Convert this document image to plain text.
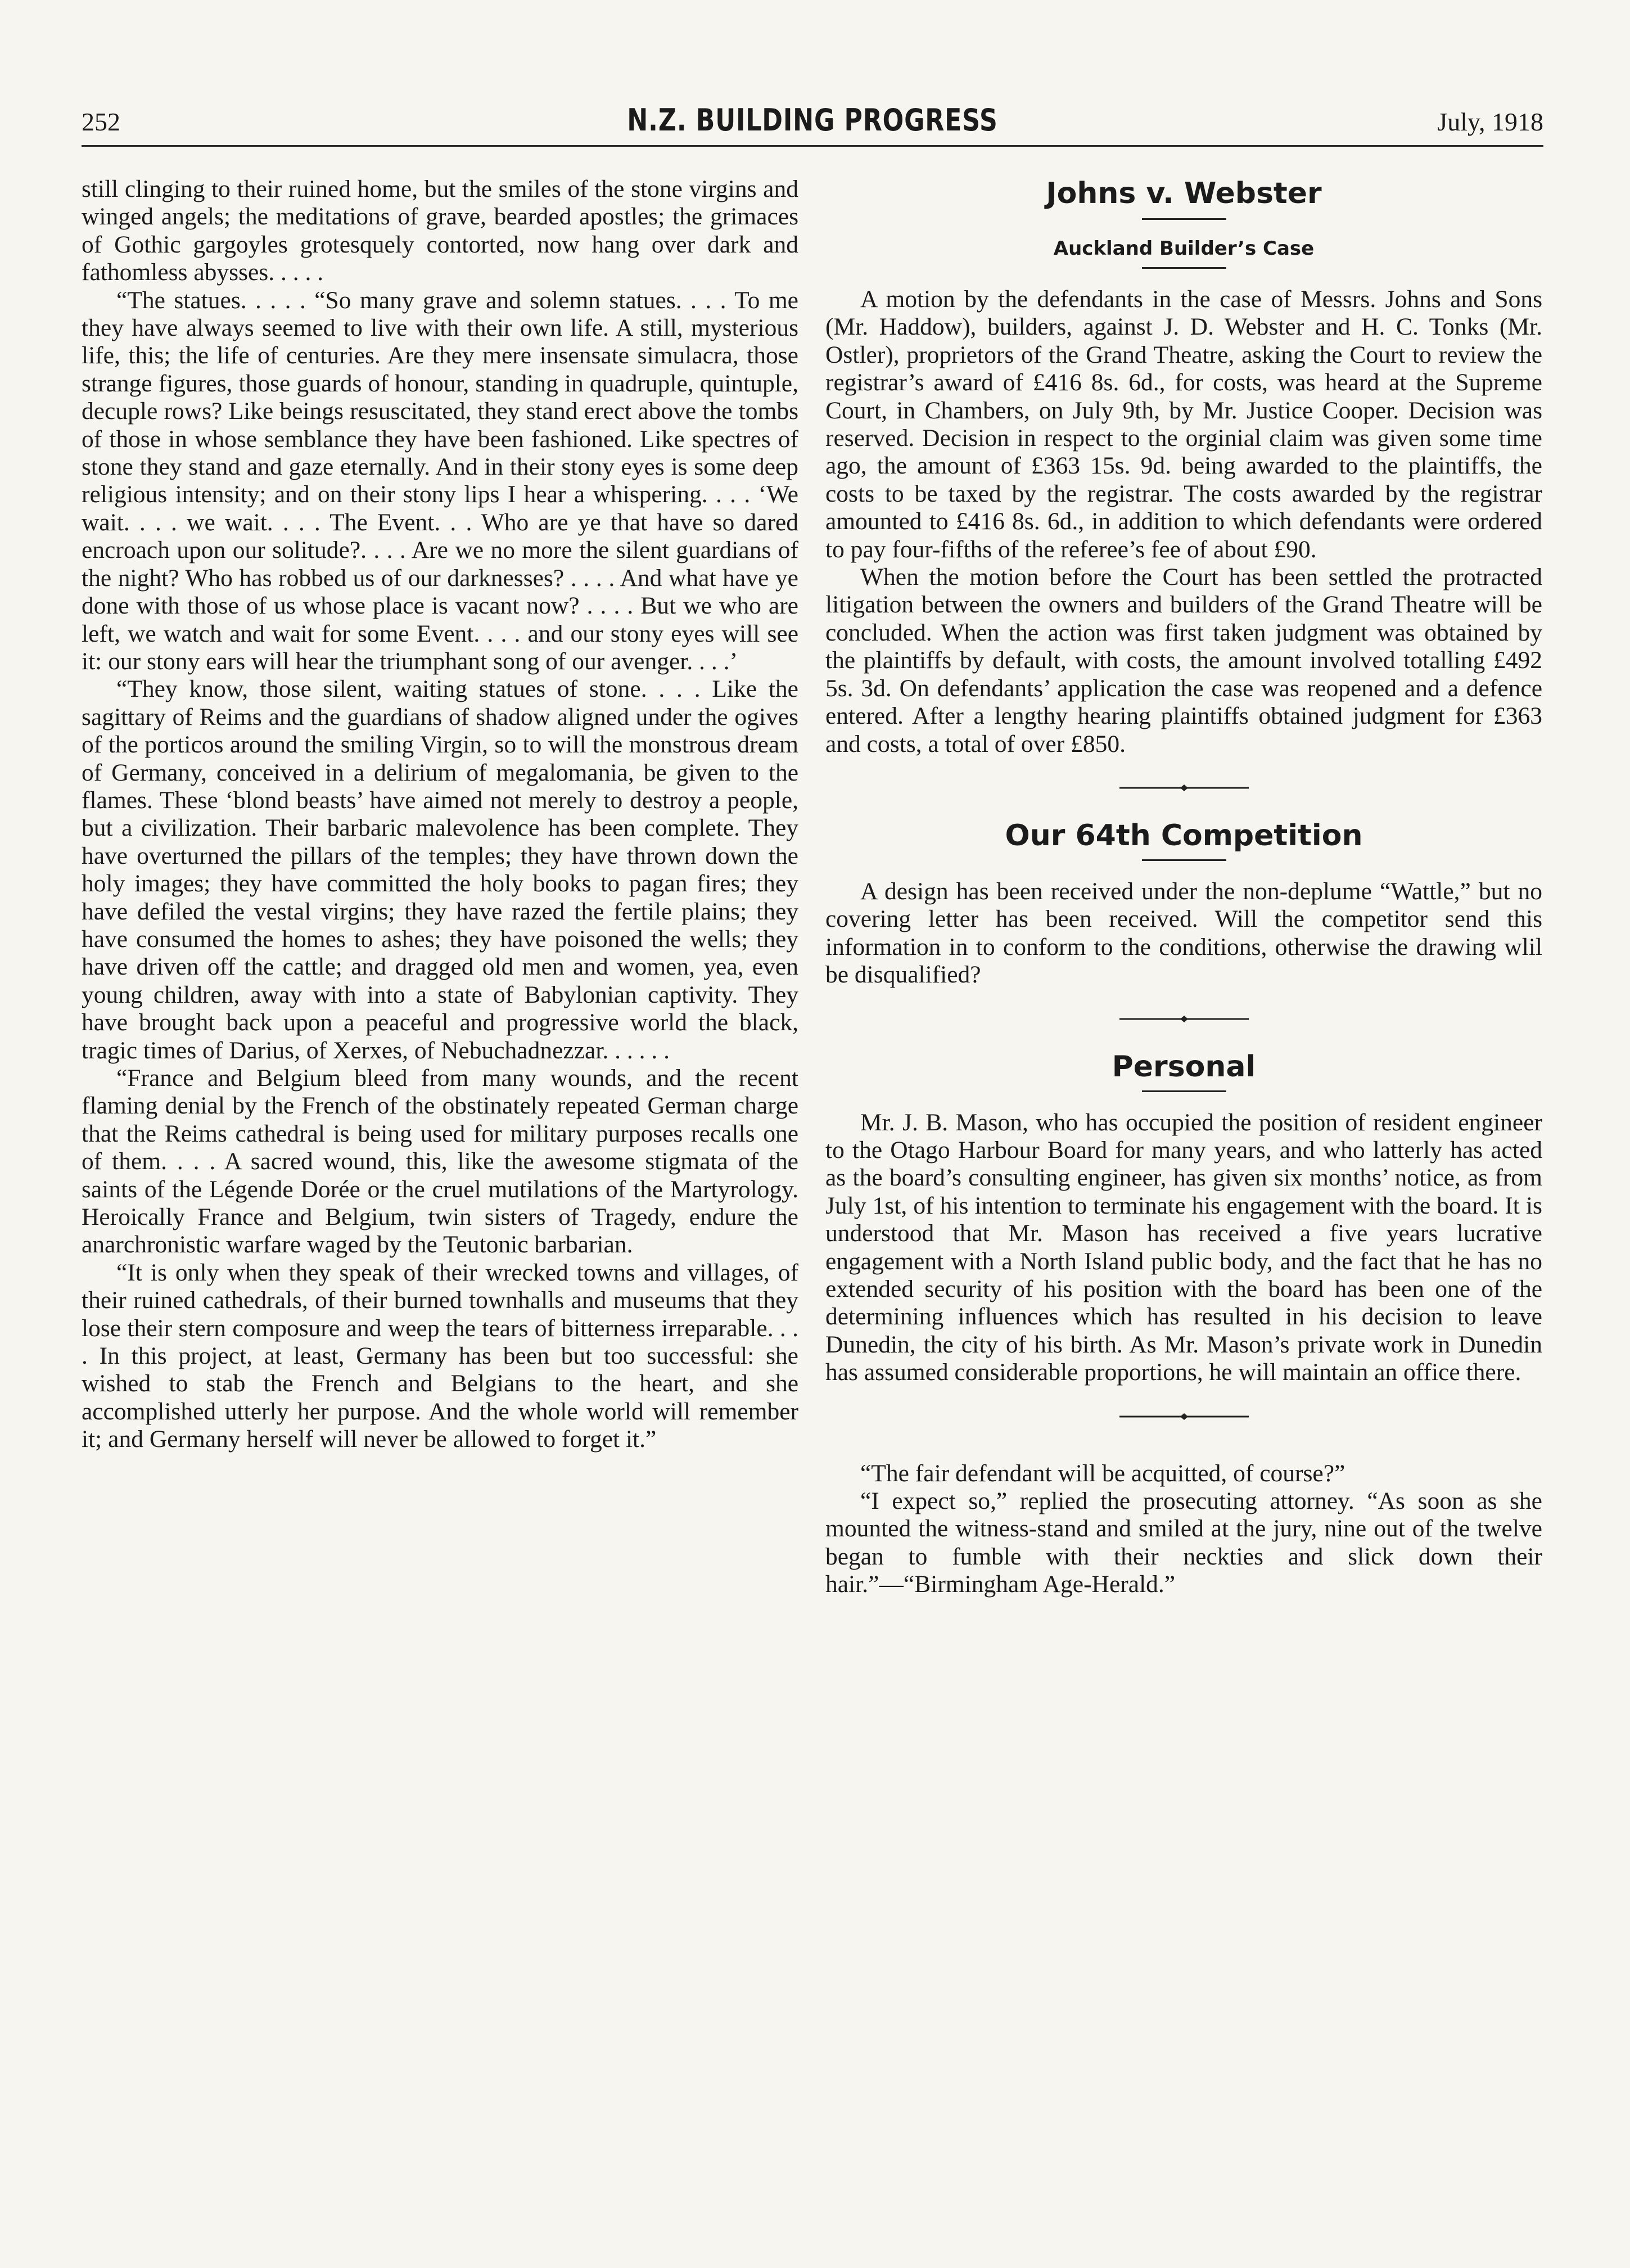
252	N.Z. BUILDING PROGRESS	July, 1918

still clinging to their ruined home, but the smiles of the stone virgins and winged angels; the meditations of grave, bearded apostles; the grimaces of Gothic gargoyles grotesquely contorted, now hang over dark and fathomless abysses. . . . .

“The statues. . . . . “So many grave and solemn statues. . . . To me they have always seemed to live with their own life. A still, mysterious life, this; the life of centuries. Are they mere insensate simulacra, those strange figures, those guards of honour, standing in quadruple, quintuple, decuple rows? Like beings resuscitated, they stand erect above the tombs of those in whose semblance they have been fashioned. Like spectres of stone they stand and gaze eternally. And in their stony eyes is some deep religious intensity; and on their stony lips I hear a whispering. . . . ‘We wait. . . . we wait. . . . The Event. . . Who are ye that have so dared encroach upon our solitude?. . . . Are we no more the silent guardians of the night? Who has robbed us of our darknesses? . . . . And what have ye done with those of us whose place is vacant now? . . . . But we who are left, we watch and wait for some Event. . . . and our stony eyes will see it: our stony ears will hear the triumphant song of our avenger. . . .’

“They know, those silent, waiting statues of stone. . . . Like the sagittary of Reims and the guardians of shadow aligned under the ogives of the porticos around the smiling Virgin, so to will the monstrous dream of Germany, conceived in a delirium of megalomania, be given to the flames. These ‘blond beasts’ have aimed not merely to destroy a people, but a civilization. Their barbaric malevolence has been complete. They have overturned the pillars of the temples; they have thrown down the holy images; they have committed the holy books to pagan fires; they have defiled the vestal virgins; they have razed the fertile plains; they have consumed the homes to ashes; they have poisoned the wells; they have driven off the cattle; and dragged old men and women, yea, even young children, away with into a state of Babylonian captivity. They have brought back upon a peaceful and progressive world the black, tragic times of Darius, of Xerxes, of Nebuchadnezzar. . . . . .

“France and Belgium bleed from many wounds, and the recent flaming denial by the French of the obstinately repeated German charge that the Reims cathedral is being used for military purposes recalls one of them. . . . A sacred wound, this, like the awesome stigmata of the saints of the Légende Dorée or the cruel mutilations of the Martyrology. Heroically France and Belgium, twin sisters of Tragedy, endure the anarchronistic warfare waged by the Teutonic barbarian.

“It is only when they speak of their wrecked towns and villages, of their ruined cathedrals, of their burned townhalls and museums that they lose their stern composure and weep the tears of bitterness irreparable. . . . In this project, at least, Germany has been but too successful: she wished to stab the French and Belgians to the heart, and she accomplished utterly her purpose. And the whole world will remember it; and Germany herself will never be allowed to forget it.”

Johns v. Webster
Auckland Builder’s Case

A motion by the defendants in the case of Messrs. Johns and Sons (Mr. Haddow), builders, against J. D. Webster and H. C. Tonks (Mr. Ostler), proprietors of the Grand Theatre, asking the Court to review the registrar’s award of £416 8s. 6d., for costs, was heard at the Supreme Court, in Chambers, on July 9th, by Mr. Justice Cooper. Decision was reserved. Decision in respect to the orginial claim was given some time ago, the amount of £363 15s. 9d. being awarded to the plaintiffs, the costs to be taxed by the registrar. The costs awarded by the registrar amounted to £416 8s. 6d., in addition to which defendants were ordered to pay four-fifths of the referee’s fee of about £90.

When the motion before the Court has been settled the protracted litigation between the owners and builders of the Grand Theatre will be concluded. When the action was first taken judgment was obtained by the plaintiffs by default, with costs, the amount involved totalling £492 5s. 3d. On defendants’ application the case was reopened and a defence entered. After a lengthy hearing plaintiffs obtained judgment for £363 and costs, a total of over £850.

Our 64th Competition

A design has been received under the non-deplume “Wattle,” but no covering letter has been received. Will the competitor send this information in to conform to the conditions, otherwise the drawing wlil be disqualified?

Personal

Mr. J. B. Mason, who has occupied the position of resident engineer to the Otago Harbour Board for many years, and who latterly has acted as the board’s consulting engineer, has given six months’ notice, as from July 1st, of his intention to terminate his engagement with the board. It is understood that Mr. Mason has received a five years lucrative engagement with a North Island public body, and the fact that he has no extended security of his position with the board has been one of the determining influences which has resulted in his decision to leave Dunedin, the city of his birth. As Mr. Mason’s private work in Dunedin has assumed considerable proportions, he will maintain an office there.

“The fair defendant will be acquitted, of course?”

“I expect so,” replied the prosecuting attorney. “As soon as she mounted the witness-stand and smiled at the jury, nine out of the twelve began to fumble with their neckties and slick down their hair.”—“Birmingham Age-Herald.”
